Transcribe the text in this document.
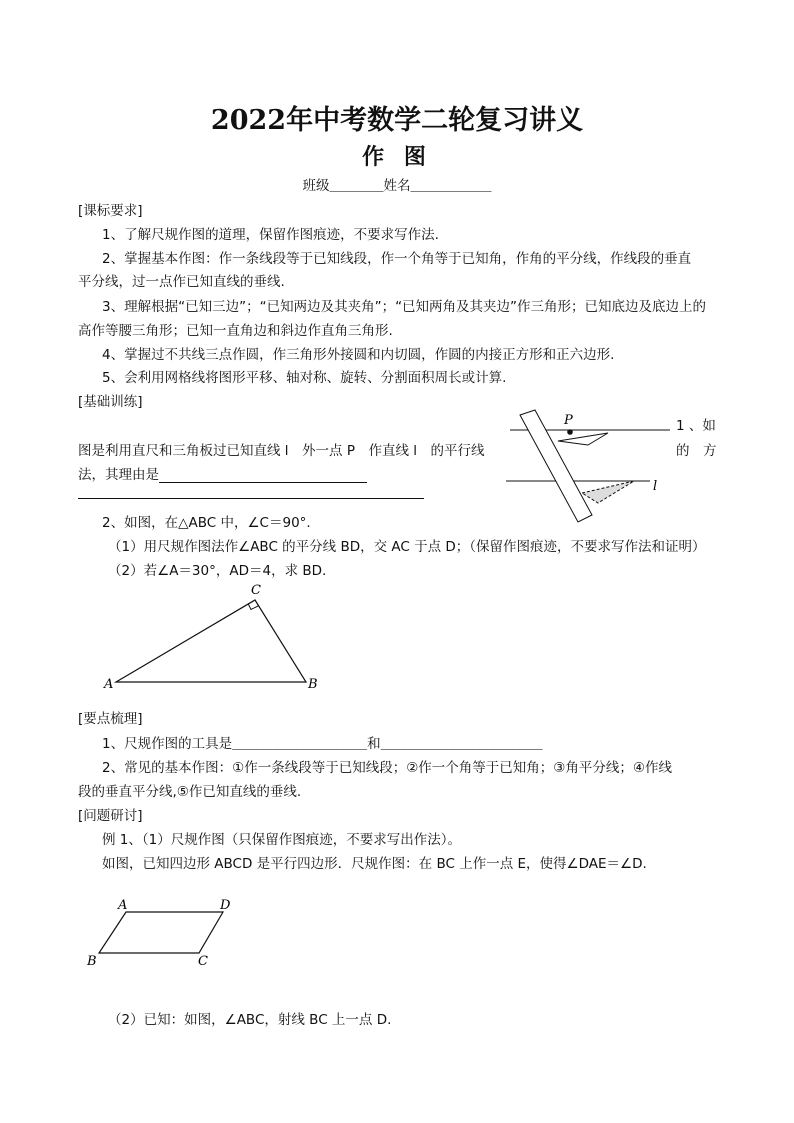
2022年中考数学二轮复习讲义
作 图
班级＿＿＿＿姓名＿＿＿＿＿＿
[课标要求]
1、了解尺规作图的道理，保留作图痕迹，不要求写作法.
2、掌握基本作图：作一条线段等于已知线段，作一个角等于已知角，作角的平分线，作线段的垂直
平分线，过一点作已知直线的垂线.
3、理解根据“已知三边”；“已知两边及其夹角”；“已知两角及其夹边”作三角形；已知底边及底边上的
高作等腰三角形；已知一直角边和斜边作直角三角形.
4、掌握过不共线三点作圆，作三角形外接圆和内切圆，作圆的内接正方形和正六边形.
5、会利用网格线将图形平移、轴对称、旋转、分割面积周长或计算.
[基础训练]
1 、如
图是利用直尺和三角板过已知直线 l　外一点 P　作直线 l　的平行线	的　方
法，其理由是
P
l
2、如图，在△ABC 中，∠C＝90°.
（1）用尺规作图法作∠ABC 的平分线 BD，交 AC 于点 D；（保留作图痕迹，不要求写作法和证明）
（2）若∠A＝30°，AD＝4，求 BD.
A	B
C
[要点梳理]
1、尺规作图的工具是＿＿＿＿＿＿＿＿＿＿和＿＿＿＿＿＿＿＿＿＿＿＿
2、常见的基本作图：①作一条线段等于已知线段；②作一个角等于已知角；③角平分线；④作线
段的垂直平分线,⑤作已知直线的垂线.
[问题研讨]
例 1、（1）尺规作图（只保留作图痕迹，不要求写出作法）。
如图，已知四边形 ABCD 是平行四边形．尺规作图：在 BC 上作一点 E，使得∠DAE＝∠D.
A	D
B	C
（2）已知：如图，∠ABC，射线 BC 上一点 D.
